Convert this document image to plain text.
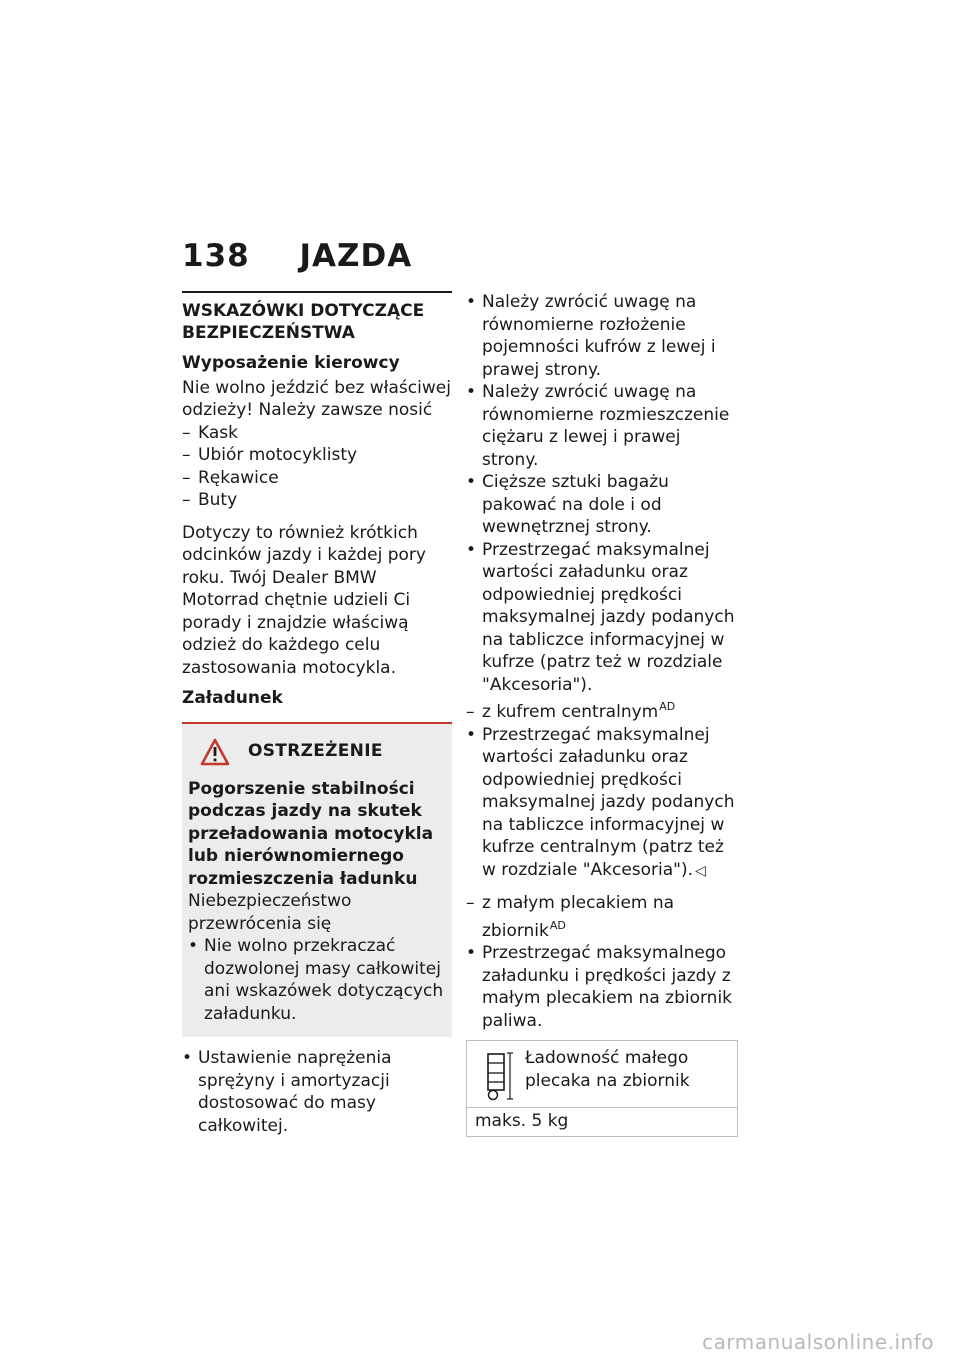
138 JAZDA
WSKAZÓWKI DOTYCZĄCE BEZPIECZEŃSTWA
Wyposażenie kierowcy
Nie wolno jeździć bez właściwej odzieży! Należy zawsze nosić
– Kask
– Ubiór motocyklisty
– Rękawice
– Buty

Dotyczy to również krótkich odcinków jazdy i każdej pory roku. Twój Dealer BMW Motorrad chętnie udzieli Ci porady i znajdzie właściwą odzież do każdego celu zastosowania motocykla.

Załadunek
OSTRZEŻENIE

Pogorszenie stabilności podczas jazdy na skutek przeładowania motocykla lub nierównomiernego rozmieszczenia ładunku

Niebezpieczeństwo przewrócenia się

• Nie wolno przekraczać dozwolonej masy całkowitej ani wskazówek dotyczących załadunku.
• Ustawienie naprężenia sprężyny i amortyzacji dostosować do masy całkowitej.
• Należy zwrócić uwagę na równomierne rozłożenie pojemności kufrów z lewej i prawej strony.
• Należy zwrócić uwagę na równomierne rozmieszczenie ciężaru z lewej i prawej strony.
• Cięższe sztuki bagażu pakować na dole i od wewnętrznej strony.
• Przestrzegać maksymalnej wartości załadunku oraz odpowiedniej prędkości maksymalnej jazdy podanych na tabliczce informacyjnej w kufrze (patrz też w rozdziale "Akcesoria").
– z kufrem centralnym$^{AD}$
• Przestrzegać maksymalnej wartości załadunku oraz odpowiedniej prędkości maksymalnej jazdy podanych na tabliczce informacyjnej w kufrze centralnym (patrz też w rozdziale "Akcesoria"). ◁
– z małym plecakiem na zbiornik$^{AD}$
• Przestrzegać maksymalnego załadunku i prędkości jazdy z małym plecakiem na zbiornik paliwa.
Ładowność małego plecaka na zbiornik
maks. 5 kg
carmanualsonline.info
